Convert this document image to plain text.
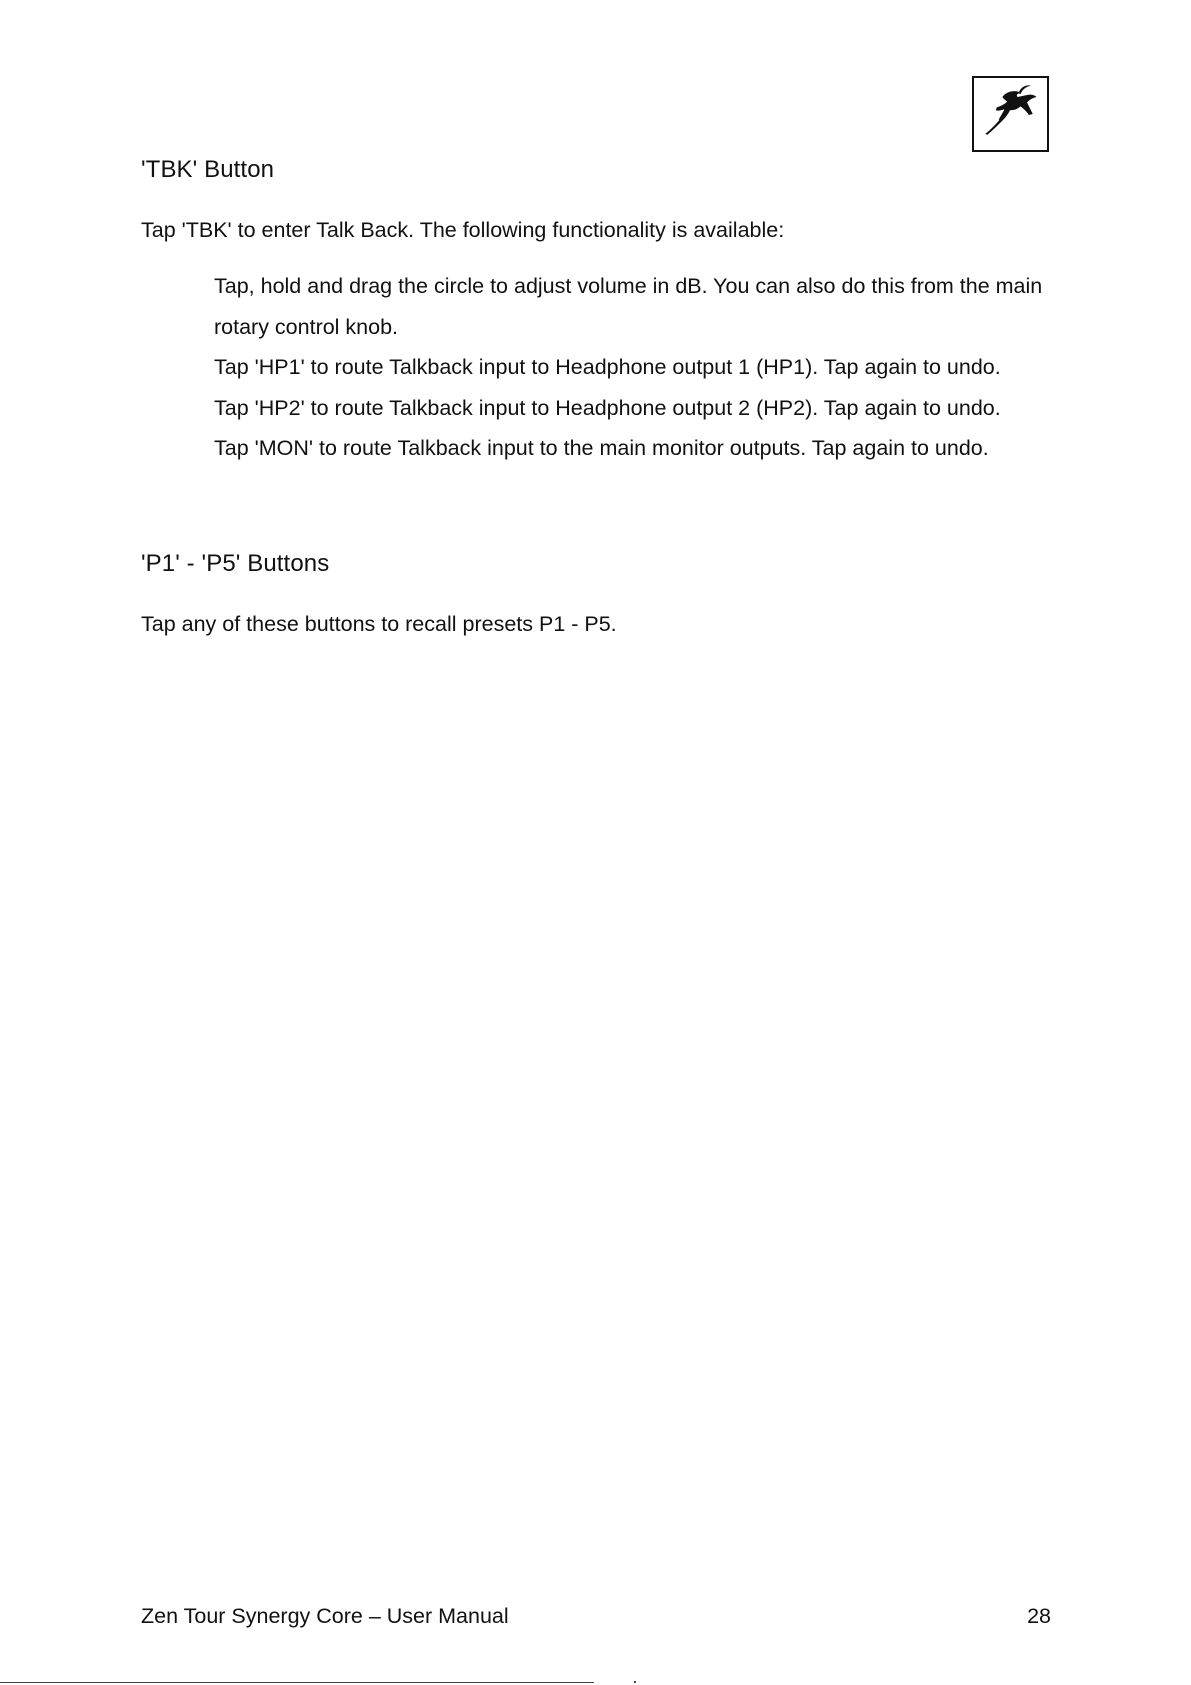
'TBK' Button

Tap 'TBK' to enter Talk Back. The following functionality is available:

Tap, hold and drag the circle to adjust volume in dB. You can also do this from the main rotary control knob.
Tap 'HP1' to route Talkback input to Headphone output 1 (HP1). Tap again to undo.
Tap 'HP2' to route Talkback input to Headphone output 2 (HP2). Tap again to undo.
Tap 'MON' to route Talkback input to the main monitor outputs. Tap again to undo.
'P1' - 'P5' Buttons

Tap any of these buttons to recall presets P1 - P5.

Zen Tour Synergy Core – User Manual	28
